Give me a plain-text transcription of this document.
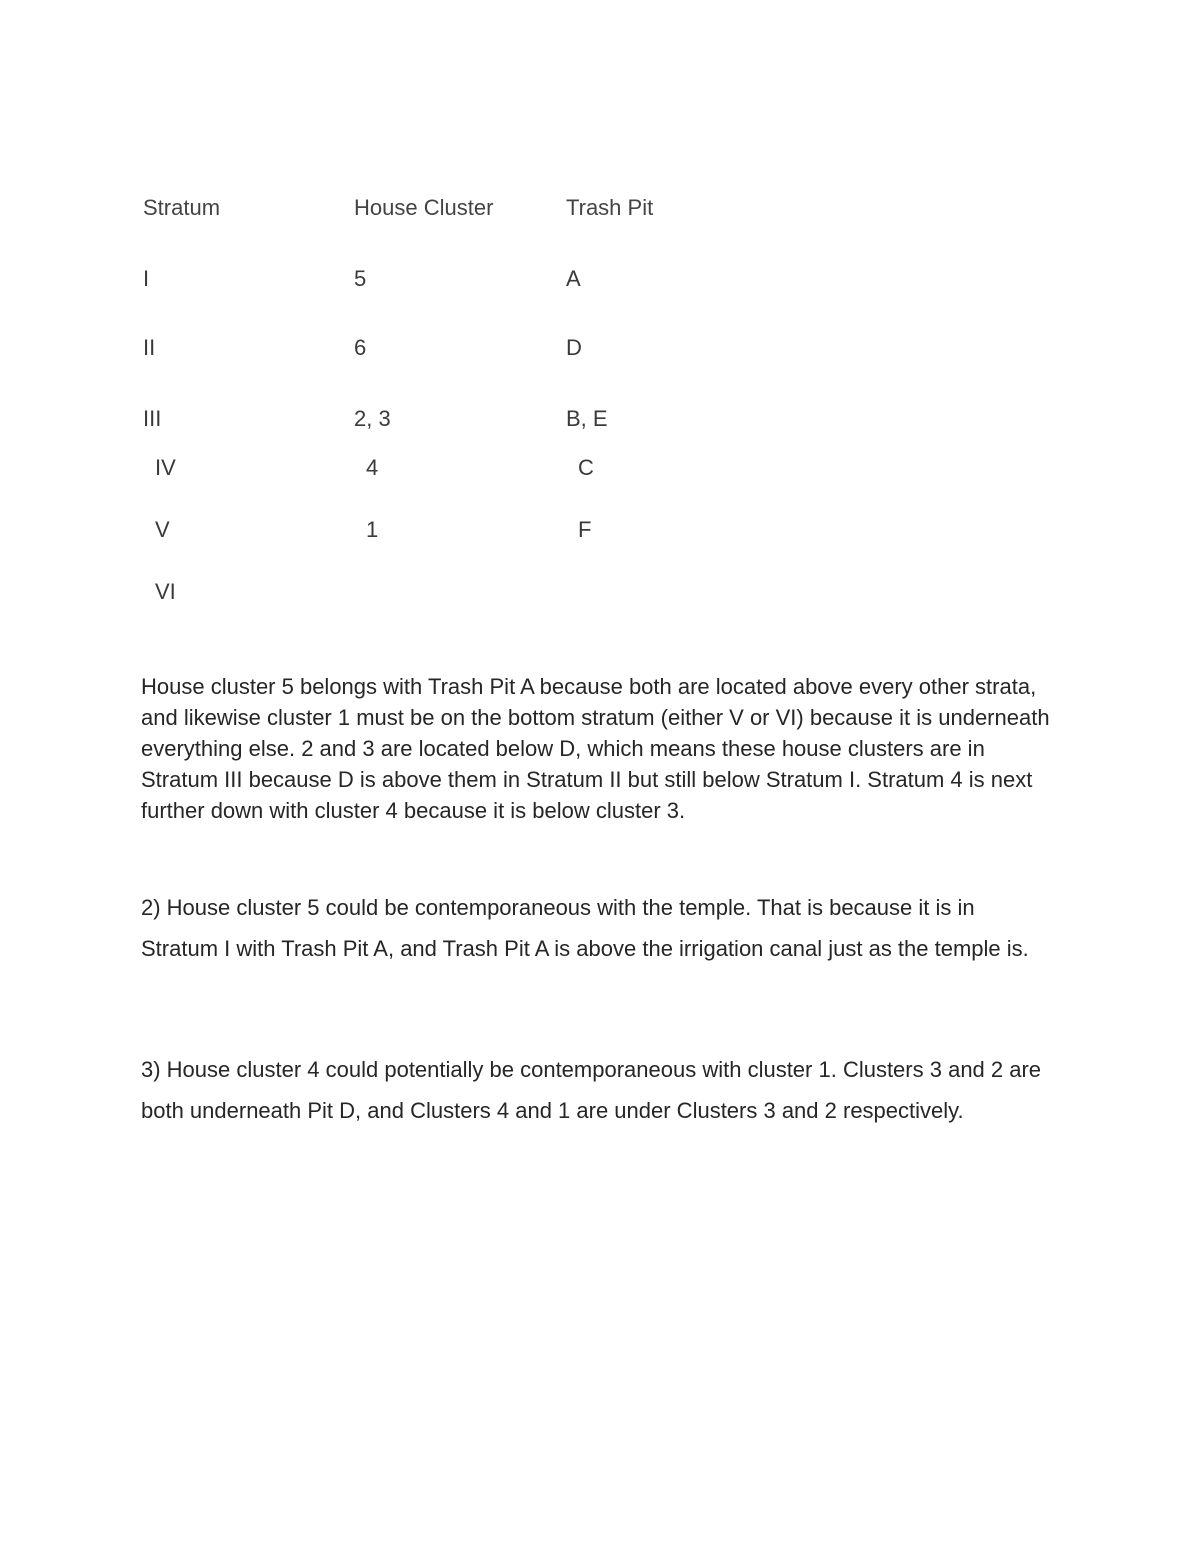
Stratum	House Cluster	Trash Pit
I	5	A
II	6	D
III	2, 3	B, E
IV	4	C
V	1	F
VI

House cluster 5 belongs with Trash Pit A because both are located above every other strata, and likewise cluster 1 must be on the bottom stratum (either V or VI) because it is underneath everything else. 2 and 3 are located below D, which means these house clusters are in Stratum III because D is above them in Stratum II but still below Stratum I. Stratum 4 is next further down with cluster 4 because it is below cluster 3.

2) House cluster 5 could be contemporaneous with the temple. That is because it is in Stratum I with Trash Pit A, and Trash Pit A is above the irrigation canal just as the temple is.

3) House cluster 4 could potentially be contemporaneous with cluster 1. Clusters 3 and 2 are both underneath Pit D, and Clusters 4 and 1 are under Clusters 3 and 2 respectively.
